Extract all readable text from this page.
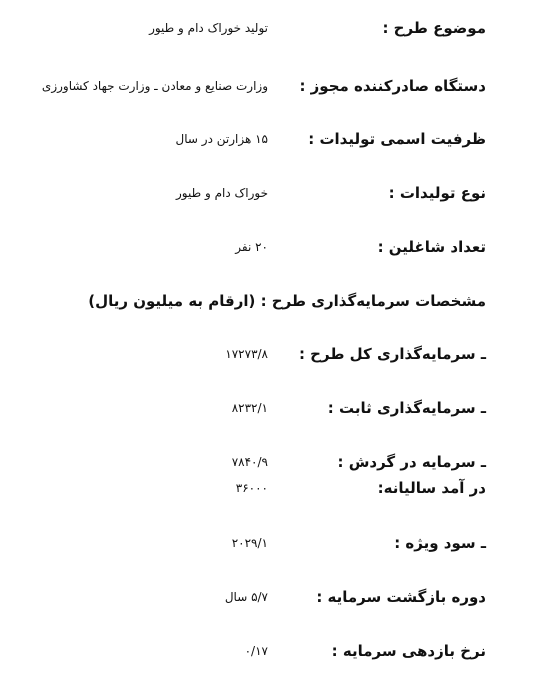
موضوع طرح :
تولید خوراک دام و طیور
دستگاه صادرکننده مجوز :
وزارت صنایع و معادن ـ وزارت جهاد کشاورزی
ظرفیت اسمی تولیدات :
۱۵ هزارتن در سال
نوع تولیدات :
خوراک دام و طیور
تعداد شاغلین :
۲۰ نفر
مشخصات سرمایه‌گذاری طرح : (ارقام به میلیون ریال)
ـ سرمایه‌گذاری کل طرح :
۱۷۲۷۳/۸
ـ سرمایه‌گذاری ثابت :
۸۲۳۲/۱
ـ سرمایه در گردش :
۷۸۴۰/۹
در آمد سالیانه:
۳۶۰۰۰
ـ سود ویژه :
۲۰۲۹/۱
دوره بازگشت سرمایه :
۵/۷ سال
نرخ بازدهی سرمایه :
۰/۱۷
